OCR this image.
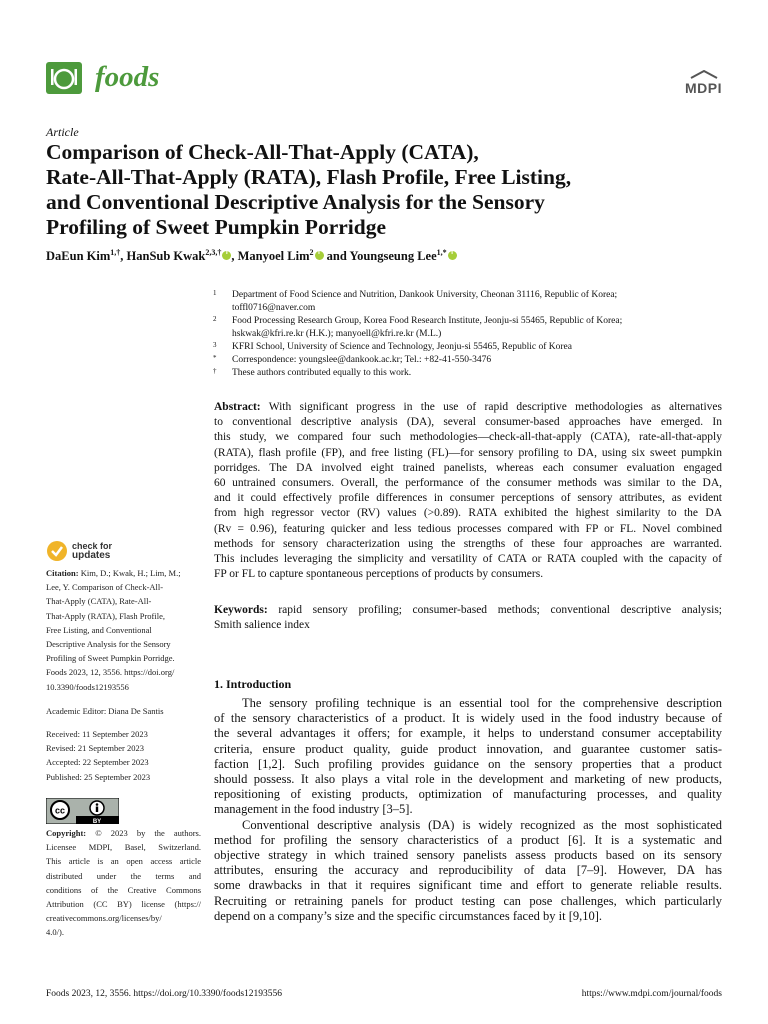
foods	MDPI
Article
Comparison of Check-All-That-Apply (CATA),
Rate-All-That-Apply (RATA), Flash Profile, Free Listing,
and Conventional Descriptive Analysis for the Sensory
Profiling of Sweet Pumpkin Porridge
DaEun Kim$^{1,\dagger}$, HanSub Kwak$^{2,3,\dagger}$i , Manyoel Lim$^2$i and Youngseung Lee$^{1,*}$i
1 Department of Food Science and Nutrition, Dankook University, Cheonan 31116, Republic of Korea;
toffl0716@naver.com
2 Food Processing Research Group, Korea Food Research Institute, Jeonju-si 55465, Republic of Korea;
hskwak@kfri.re.kr (H.K.); manyoell@kfri.re.kr (M.L.)
3 KFRI School, University of Science and Technology, Jeonju-si 55465, Republic of Korea
* Correspondence: youngslee@dankook.ac.kr; Tel.: +82-41-550-3476
† These authors contributed equally to this work.
Abstract: With significant progress in the use of rapid descriptive methodologies as alternatives
to conventional descriptive analysis (DA), several consumer-based approaches have emerged. In
this study, we compared four such methodologies—check-all-that-apply (CATA), rate-all-that-apply
(RATA), flash profile (FP), and free listing (FL)—for sensory profiling to DA, using six sweet pumpkin
porridges. The DA involved eight trained panelists, whereas each consumer evaluation engaged
60 untrained consumers. Overall, the performance of the consumer methods was similar to the DA,
and it could effectively profile differences in consumer perceptions of sensory attributes, as evident
from high regressor vector (RV) values (>0.89). RATA exhibited the highest similarity to the DA
(Rv = 0.96), featuring quicker and less tedious processes compared with FP or FL. Novel combined
methods for sensory characterization using the strengths of these four approaches are warranted.
This includes leveraging the simplicity and versatility of CATA or RATA coupled with the capacity of
FP or FL to capture spontaneous perceptions of products by consumers.
Keywords: rapid sensory profiling; consumer-based methods; conventional descriptive analysis;
Smith salience index
1. Introduction
The sensory profiling technique is an essential tool for the comprehensive description
of the sensory characteristics of a product. It is widely used in the food industry because of
the several advantages it offers; for example, it helps to understand consumer acceptability
criteria, ensure product quality, guide product innovation, and guarantee customer satis-
faction [1,2]. Such profiling provides guidance on the sensory properties that a product
should possess. It also plays a vital role in the development and marketing of new products,
repositioning of existing products, optimization of manufacturing processes, and quality
management in the food industry [3–5].
Conventional descriptive analysis (DA) is widely recognized as the most sophisticated
method for profiling the sensory characteristics of a product [6]. It is a systematic and
objective strategy in which trained sensory panelists assess products based on its sensory
attributes, ensuring the accuracy and reproducibility of data [7–9]. However, DA has
some drawbacks in that it requires significant time and effort to generate reliable results.
Recruiting or retraining panels for product testing can pose challenges, which particularly
depend on a company’s size and the specific circumstances faced by it [9,10].
check for
updates
Citation: Kim, D.; Kwak, H.; Lim, M.;
Lee, Y. Comparison of Check-All-
That-Apply (CATA), Rate-All-
That-Apply (RATA), Flash Profile,
Free Listing, and Conventional
Descriptive Analysis for the Sensory
Profiling of Sweet Pumpkin Porridge.
Foods 2023, 12, 3556. https://doi.org/
10.3390/foods12193556
Academic Editor: Diana De Santis
Received: 11 September 2023
Revised: 21 September 2023
Accepted: 22 September 2023
Published: 25 September 2023
cc
BY
Copyright: © 2023 by the authors.
Licensee MDPI, Basel, Switzerland.
This article is an open access article
distributed under the terms and
conditions of the Creative Commons
Attribution (CC BY) license (https://
creativecommons.org/licenses/by/
4.0/).
Foods 2023, 12, 3556. https://doi.org/10.3390/foods12193556	https://www.mdpi.com/journal/foods
